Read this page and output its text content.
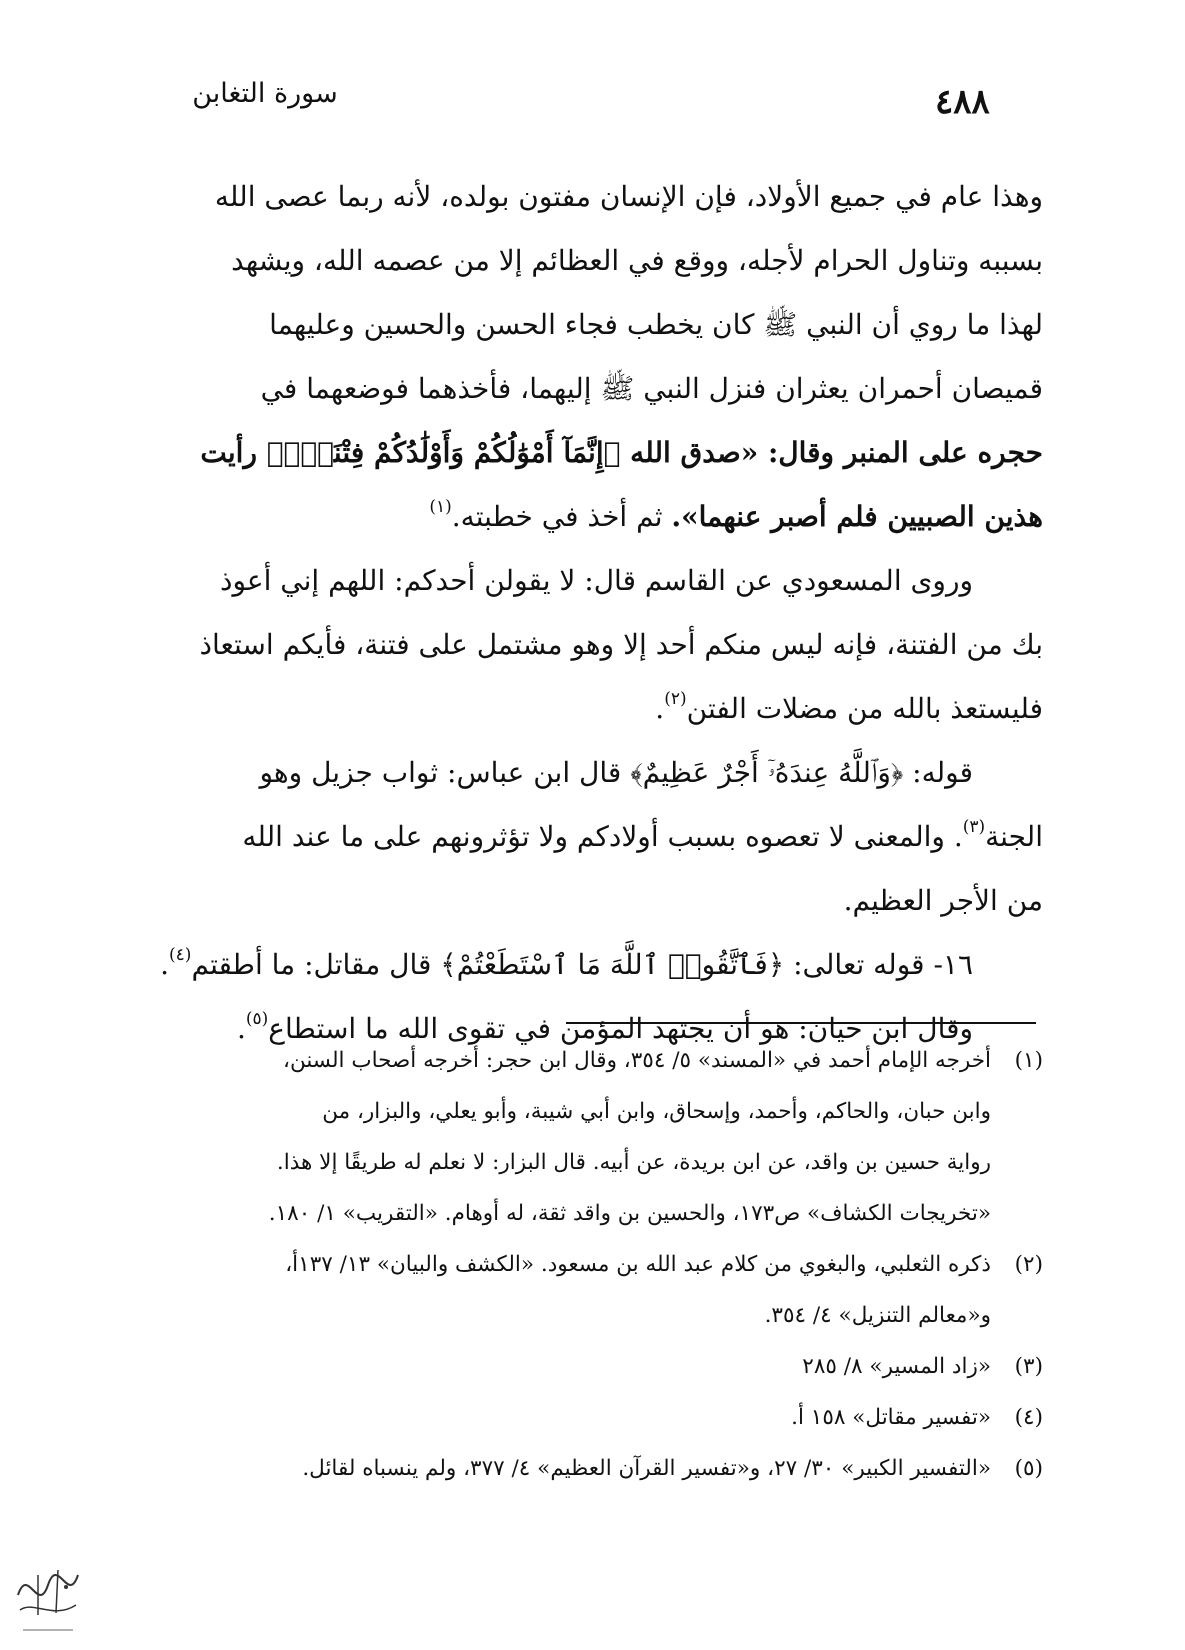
سورة التغابن	٤٨٨
وهذا عام في جميع الأولاد، فإن الإنسان مفتون بولده، لأنه ربما عصى الله
بسببه وتناول الحرام لأجله، ووقع في العظائم إلا من عصمه الله، ويشهد
لهذا ما روي أن النبي ﷺ كان يخطب فجاء الحسن والحسين وعليهما
قميصان أحمران يعثران فنزل النبي ﷺ إليهما، فأخذهما فوضعهما في
حجره على المنبر وقال: «صدق الله ﴿إِنَّمَآ أَمْوَٰلُكُمْ وَأَوْلَٰدُكُمْ فِتْنَةٌۚ﴾ رأيت
هذين الصبيين فلم أصبر عنهما». ثم أخذ في خطبته.$^{(١)}$
وروى المسعودي عن القاسم قال: لا يقولن أحدكم: اللهم إني أعوذ
بك من الفتنة، فإنه ليس منكم أحد إلا وهو مشتمل على فتنة، فأيكم استعاذ
فليستعذ بالله من مضلات الفتن$^{(٢)}$.
قوله: ﴿وَٱللَّهُ عِندَهُۥٓ أَجْرٌ عَظِيمٌ﴾ قال ابن عباس: ثواب جزيل وهو
الجنة$^{(٣)}$. والمعنى لا تعصوه بسبب أولادكم ولا تؤثرونهم على ما عند الله
من الأجر العظيم.
١٦- قوله تعالى: ﴿فَٱتَّقُوا۟ ٱللَّهَ مَا ٱسْتَطَعْتُمْ﴾ قال مقاتل: ما أطقتم$^{(٤)}$.
وقال ابن حيان: هو أن يجتهد المؤمن في تقوى الله ما استطاع$^{(٥)}$.
(١)أخرجه الإمام أحمد في «المسند» ٥/ ٣٥٤، وقال ابن حجر: أخرجه أصحاب السنن،
وابن حبان، والحاكم، وأحمد، وإسحاق، وابن أبي شيبة، وأبو يعلي، والبزار، من
رواية حسين بن واقد، عن ابن بريدة، عن أبيه. قال البزار: لا نعلم له طريقًا إلا هذا.
«تخريجات الكشاف» ص١٧٣، والحسين بن واقد ثقة، له أوهام. «التقريب» ١/ ١٨٠.
(٢)ذكره الثعلبي، والبغوي من كلام عبد الله بن مسعود. «الكشف والبيان» ١٣/ ١٣٧أ،
و«معالم التنزيل» ٤/ ٣٥٤.
(٣)«زاد المسير» ٨/ ٢٨٥
(٤)«تفسير مقاتل» ١٥٨ أ.
(٥)«التفسير الكبير» ٣٠/ ٢٧، و«تفسير القرآن العظيم» ٤/ ٣٧٧، ولم ينسباه لقائل.
